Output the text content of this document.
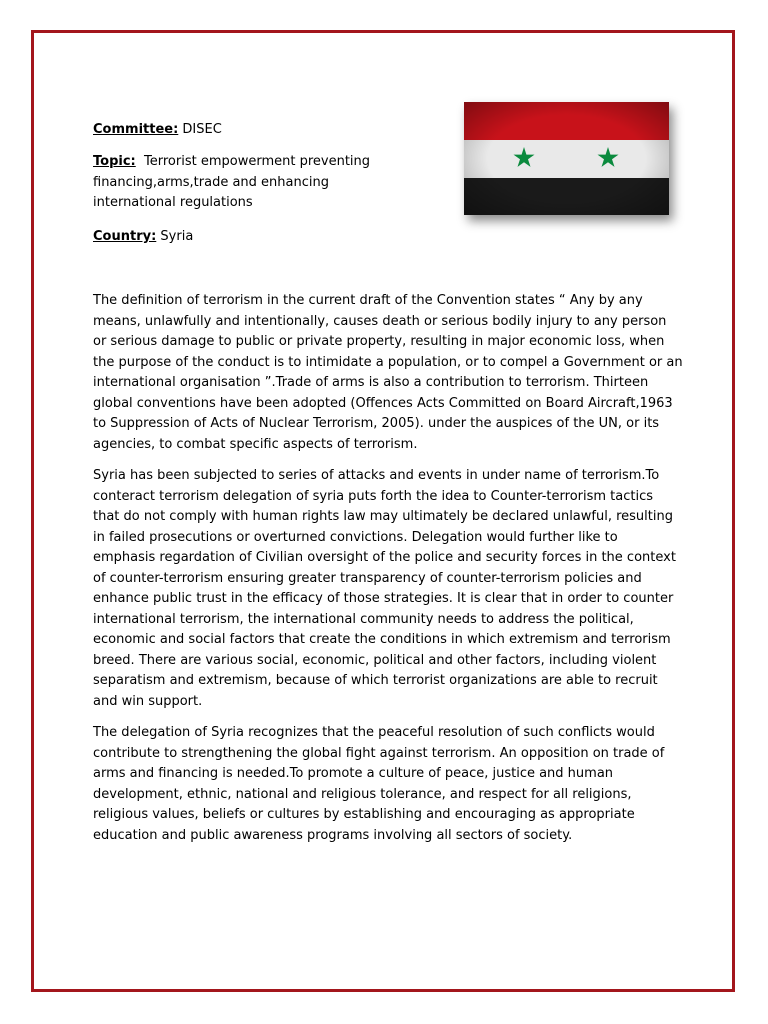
Committee: DISEC
Topic: Terrorist empowerment preventing financing,arms,trade and enhancing international regulations
Country: Syria

The definition of terrorism in the current draft of the Convention states “ Any by any means, unlawfully and intentionally, causes death or serious bodily injury to any person or serious damage to public or private property, resulting in major economic loss, when the purpose of the conduct is to intimidate a population, or to compel a Government or an international organisation ”.Trade of arms is also a contribution to terrorism. Thirteen global conventions have been adopted (Offences Acts Committed on Board Aircraft,1963 to Suppression of Acts of Nuclear Terrorism, 2005). under the auspices of the UN, or its agencies, to combat specific aspects of terrorism.

Syria has been subjected to series of attacks and events in under name of terrorism.To conteract terrorism delegation of syria puts forth the idea to Counter-terrorism tactics that do not comply with human rights law may ultimately be declared unlawful, resulting in failed prosecutions or overturned convictions. Delegation would further like to emphasis regardation of Civilian oversight of the police and security forces in the context of counter-terrorism ensuring greater transparency of counter-terrorism policies and enhance public trust in the efficacy of those strategies. It is clear that in order to counter international terrorism, the international community needs to address the political, economic and social factors that create the conditions in which extremism and terrorism breed. There are various social, economic, political and other factors, including violent separatism and extremism, because of which terrorist organizations are able to recruit and win support.

The delegation of Syria recognizes that the peaceful resolution of such conflicts would contribute to strengthening the global fight against terrorism. An opposition on trade of arms and financing is needed.To promote a culture of peace, justice and human development, ethnic, national and religious tolerance, and respect for all religions, religious values, beliefs or cultures by establishing and encouraging as appropriate education and public awareness programs involving all sectors of society.
